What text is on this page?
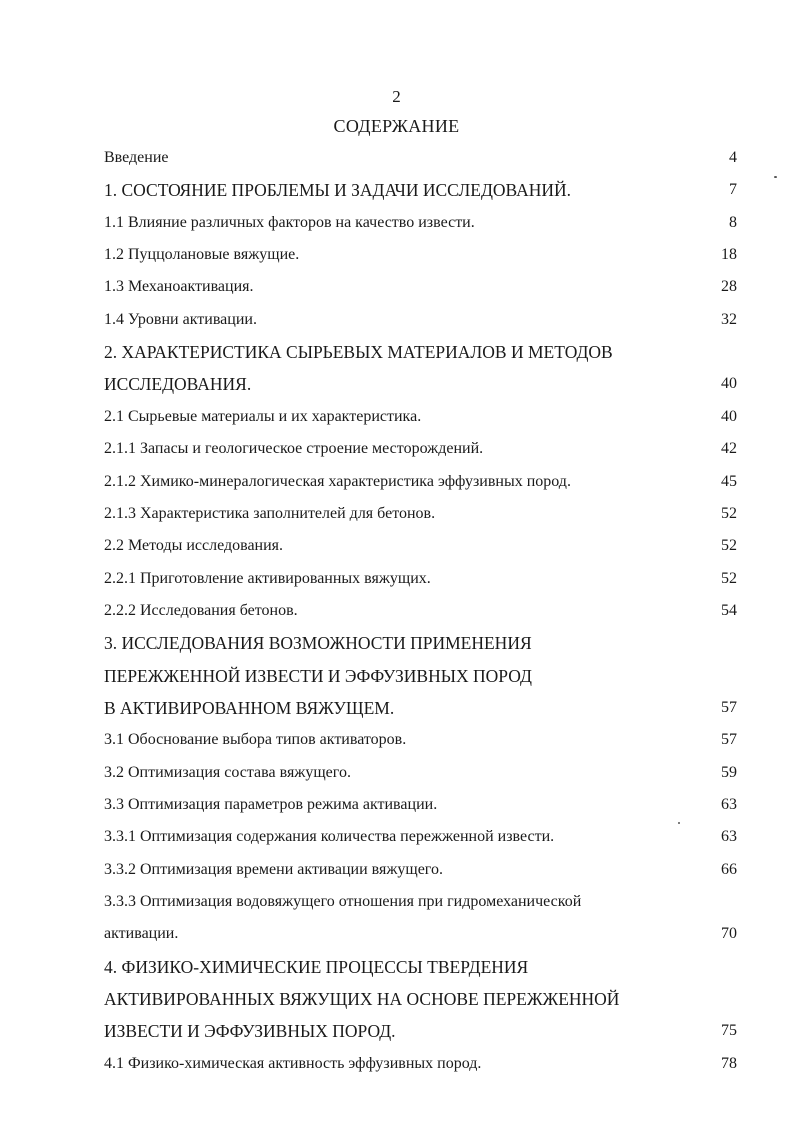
2
СОДЕРЖАНИЕ
Введение	4
1. СОСТОЯНИЕ ПРОБЛЕМЫ И ЗАДАЧИ ИССЛЕДОВАНИЙ.	7
1.1 Влияние различных факторов на качество извести.	8
1.2 Пуццолановые вяжущие.	18
1.3 Механоактивация.	28
1.4 Уровни активации.	32
2. ХАРАКТЕРИСТИКА СЫРЬЕВЫХ МАТЕРИАЛОВ И МЕТОДОВ
ИССЛЕДОВАНИЯ.	40
2.1 Сырьевые материалы и их характеристика.	40
2.1.1 Запасы и геологическое строение месторождений.	42
2.1.2 Химико-минералогическая характеристика эффузивных пород.	45
2.1.3 Характеристика заполнителей для бетонов.	52
2.2 Методы исследования.	52
2.2.1 Приготовление активированных вяжущих.	52
2.2.2 Исследования бетонов.	54
3. ИССЛЕДОВАНИЯ ВОЗМОЖНОСТИ ПРИМЕНЕНИЯ
ПЕРЕЖЖЕННОЙ ИЗВЕСТИ И ЭФФУЗИВНЫХ ПОРОД
В АКТИВИРОВАННОМ ВЯЖУЩЕМ.	57
3.1 Обоснование выбора типов активаторов.	57
3.2 Оптимизация состава вяжущего.	59
3.3 Оптимизация параметров режима активации.	63
3.3.1 Оптимизация содержания количества пережженной извести.	63
3.3.2 Оптимизация времени активации вяжущего.	66
3.3.3 Оптимизация водовяжущего отношения при гидромеханической
активации.	70
4. ФИЗИКО-ХИМИЧЕСКИЕ ПРОЦЕССЫ ТВЕРДЕНИЯ
АКТИВИРОВАННЫХ ВЯЖУЩИХ НА ОСНОВЕ ПЕРЕЖЖЕННОЙ
ИЗВЕСТИ И ЭФФУЗИВНЫХ ПОРОД.	75
4.1 Физико-химическая активность эффузивных пород.	78
